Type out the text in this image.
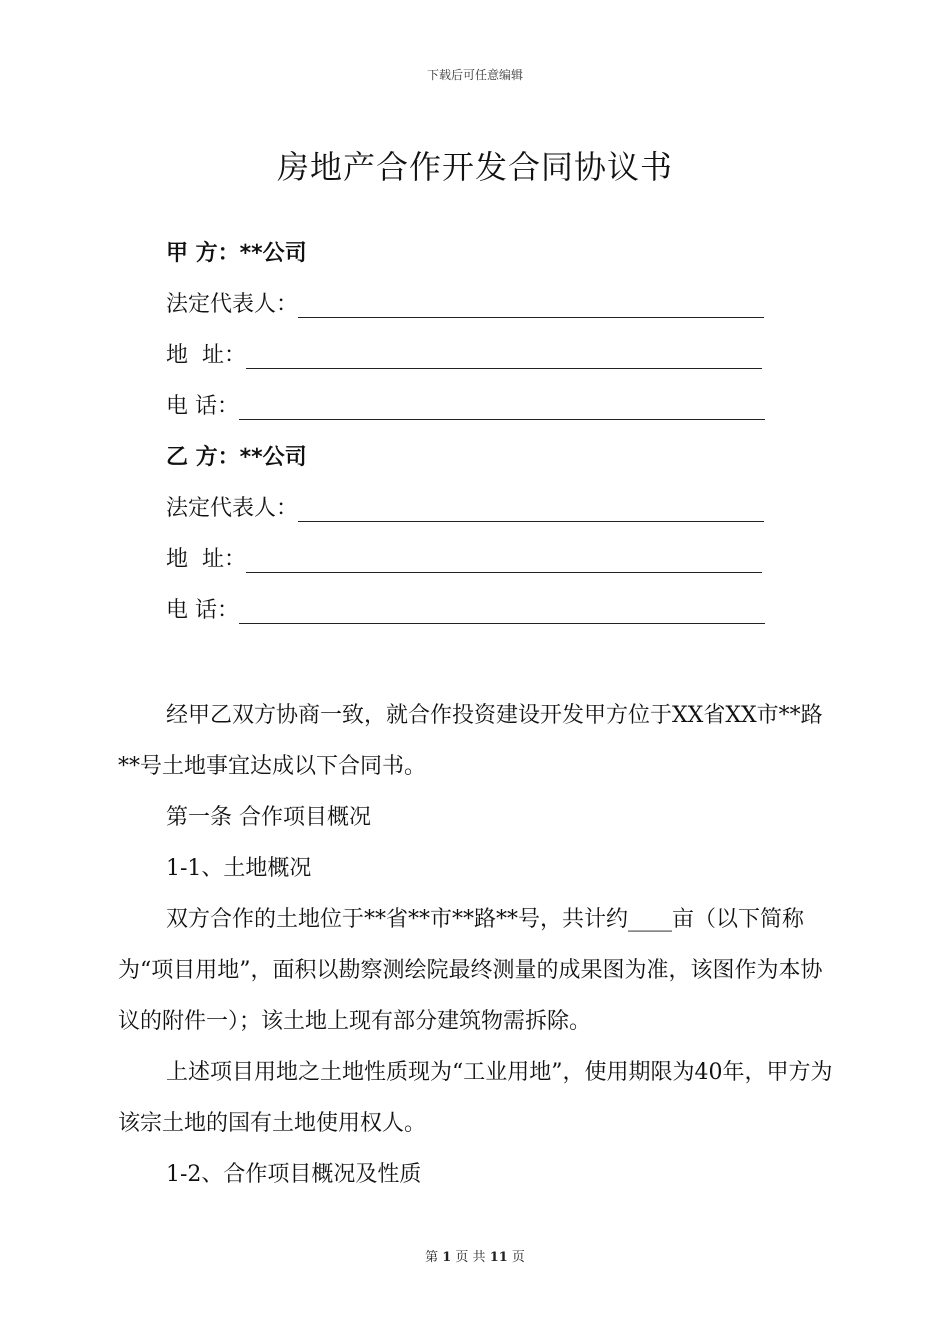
下载后可任意编辑
房地产合作开发合同协议书
甲 方：**公司
法定代表人：
地  址：
电 话：
乙 方：**公司
法定代表人：
地  址：
电 话：

经甲乙双方协商一致，就合作投资建设开发甲方位于XX省XX市**路**号土地事宜达成以下合同书。

第一条 合作项目概况

1-1、土地概况

双方合作的土地位于**省**市**路**号，共计约____亩（以下简称为“项目用地”，面积以勘察测绘院最终测量的成果图为准，该图作为本协议的附件一）；该土地上现有部分建筑物需拆除。

上述项目用地之土地性质现为“工业用地”，使用期限为40年，甲方为该宗土地的国有土地使用权人。

1-2、合作项目概况及性质

第 1 页 共 11 页
